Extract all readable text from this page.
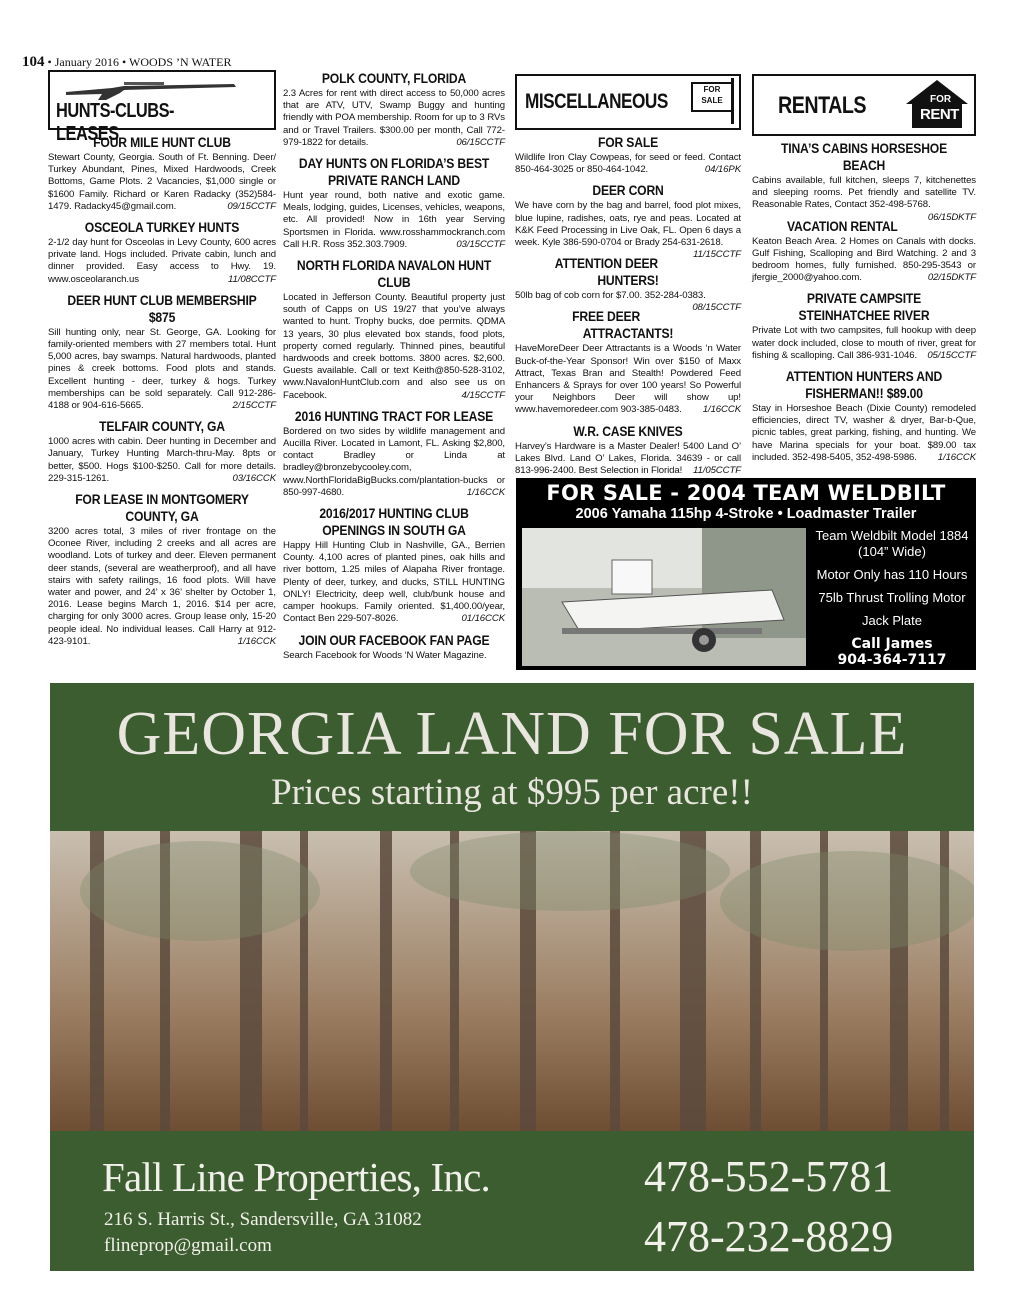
104 • January 2016 • WOODS ’N WATER
HUNTS-CLUBS-LEASES
FOUR MILE HUNT CLUB

Stewart County, Georgia. South of Ft. Benning. Deer/ Turkey Abundant, Pines, Mixed Hardwoods, Creek Bottoms, Game Plots. 2 Vacancies, $1,000 single or $1600 Family. Richard or Karen Radacky (352)584-1479. Radacky45@gmail.com.	09/15CCTF

OSCEOLA TURKEY HUNTS

2-1/2 day hunt for Osceolas in Levy County, 600 acres private land. Hogs included. Private cabin, lunch and dinner provided. Easy access to Hwy. 19. www.osceolaranch.us	11/08CCTF

DEER HUNT CLUB MEMBERSHIP $875

Sill hunting only, near St. George, GA. Looking for family-oriented members with 27 members total. Hunt 5,000 acres, bay swamps. Natural hardwoods, planted pines & creek bottoms. Food plots and stands. Excellent hunting - deer, turkey & hogs. Turkey memberships can be sold separately. Call 912-286-4188 or 904-616-5665.	2/15CCTF

TELFAIR COUNTY, GA

1000 acres with cabin. Deer hunting in December and January, Turkey Hunting March-thru-May. 8pts or better, $500. Hogs $100-$250. Call for more details. 229-315-1261.	03/16CCK

FOR LEASE IN MONTGOMERY COUNTY, GA

3200 acres total, 3 miles of river frontage on the Oconee River, including 2 creeks and all acres are woodland. Lots of turkey and deer. Eleven permanent deer stands, (several are weatherproof), and all have stairs with safety railings, 16 food plots. Will have water and power, and 24’ x 36’ shelter by October 1, 2016. Lease begins March 1, 2016. $14 per acre, charging for only 3000 acres. Group lease only, 15-20 people ideal. No individual leases. Call Harry at 912-423-9101.	1/16CCK

POLK COUNTY, FLORIDA

2.3 Acres for rent with direct access to 50,000 acres that are ATV, UTV, Swamp Buggy and hunting friendly with POA membership. Room for up to 3 RVs and or Travel Trailers. $300.00 per month, Call 772-979-1822 for details.	06/15CCTF

DAY HUNTS ON FLORIDA’S BEST PRIVATE RANCH LAND

Hunt year round, both native and exotic game. Meals, lodging, guides, Licenses, vehicles, weapons, etc. All provided! Now in 16th year Serving Sportsmen in Florida. www.rosshammockranch.com Call H.R. Ross 352.303.7909.	03/15CCTF

NORTH FLORIDA NAVALON HUNT CLUB

Located in Jefferson County. Beautiful property just south of Capps on US 19/27 that you’ve always wanted to hunt. Trophy bucks, doe permits. QDMA 13 years, 30 plus elevated box stands, food plots, property corned regularly. Thinned pines, beautiful hardwoods and creek bottoms. 3800 acres. $2,600. Guests available. Call or text Keith@850-528-3102, www.NavalonHuntClub.com and also see us on Facebook.	4/15CCTF

2016 HUNTING TRACT FOR LEASE

Bordered on two sides by wildlife management and Aucilla River. Located in Lamont, FL. Asking $2,800, contact Bradley or Linda at bradley@bronzebycooley.com, www.NorthFloridaBigBucks.com/plantation-bucks or 850-997-4680.	1/16CCK

2016/2017 HUNTING CLUB OPENINGS IN SOUTH GA

Happy Hill Hunting Club in Nashville, GA., Berrien County. 4,100 acres of planted pines, oak hills and river bottom, 1.25 miles of Alapaha River frontage. Plenty of deer, turkey, and ducks, STILL HUNTING ONLY! Electricity, deep well, club/bunk house and camper hookups. Family oriented. $1,400.00/year, Contact Ben 229-507-8026.	01/16CCK

JOIN OUR FACEBOOK FAN PAGE

Search Facebook for Woods ‘N Water Magazine.

MISCELLANEOUS
FOR SALE
FOR SALE

Wildlife Iron Clay Cowpeas, for seed or feed. Contact 850-464-3025 or 850-464-1042.	04/16PK

DEER CORN

We have corn by the bag and barrel, food plot mixes, blue lupine, radishes, oats, rye and peas. Located at K&K Feed Processing in Live Oak, FL. Open 6 days a week. Kyle 386-590-0704 or Brady 254-631-2618.
11/15CCTF

ATTENTION DEER HUNTERS!

50lb bag of cob corn for $7.00. 352-284-0383.
08/15CCTF

FREE DEER ATTRACTANTS!

HaveMoreDeer Deer Attractants is a Woods ‘n Water Buck-of-the-Year Sponsor! Win over $150 of Maxx Attract, Texas Bran and Stealth! Powdered Feed Enhancers & Sprays for over 100 years! So Powerful your Neighbors Deer will show up! www.havemoredeer.com 903-385-0483. 1/16CCK

W.R. CASE KNIVES

Harvey’s Hardware is a Master Dealer! 5400 Land O’ Lakes Blvd. Land O’ Lakes, Florida. 34639 - or call 813-996-2400. Best Selection in Florida! 11/05CCTF

RENTALS	FOR
RENT
TINA’S CABINS HORSESHOE BEACH

Cabins available, full kitchen, sleeps 7, kitchenettes and sleeping rooms. Pet friendly and satellite TV. Reasonable Rates, Contact 352-498-5768.
06/15DKTF

VACATION RENTAL

Keaton Beach Area. 2 Homes on Canals with docks. Gulf Fishing, Scalloping and Bird Watching. 2 and 3 bedroom homes, fully furnished. 850-295-3543 or jfergie_2000@yahoo.com.	02/15DKTF

PRIVATE CAMPSITE STEINHATCHEE RIVER

Private Lot with two campsites, full hookup with deep water dock included, close to mouth of river, great for fishing & scalloping. Call 386-931-1046. 05/15CCTF

ATTENTION HUNTERS AND FISHERMAN!! $89.00

Stay in Horseshoe Beach (Dixie County) remodeled efficiencies, direct TV, washer & dryer, Bar-b-Que, picnic tables, great parking, fishing, and hunting. We have Marina specials for your boat. $89.00 tax included. 352-498-5405, 352-498-5986. 1/16CCK

FOR SALE - 2004 TEAM WELDBILT
2006 Yamaha 115hp 4-Stroke • Loadmaster Trailer
Team Weldbilt Model 1884 (104” Wide)
Motor Only has 110 Hours
75lb Thrust Trolling Motor
Jack Plate
Call James
904-364-7117
GEORGIA LAND FOR SALE
Prices starting at $995 per acre!!
Fall Line Properties, Inc.
216 S. Harris St., Sandersville, GA 31082
flineprop@gmail.com
478-552-5781
478-232-8829
